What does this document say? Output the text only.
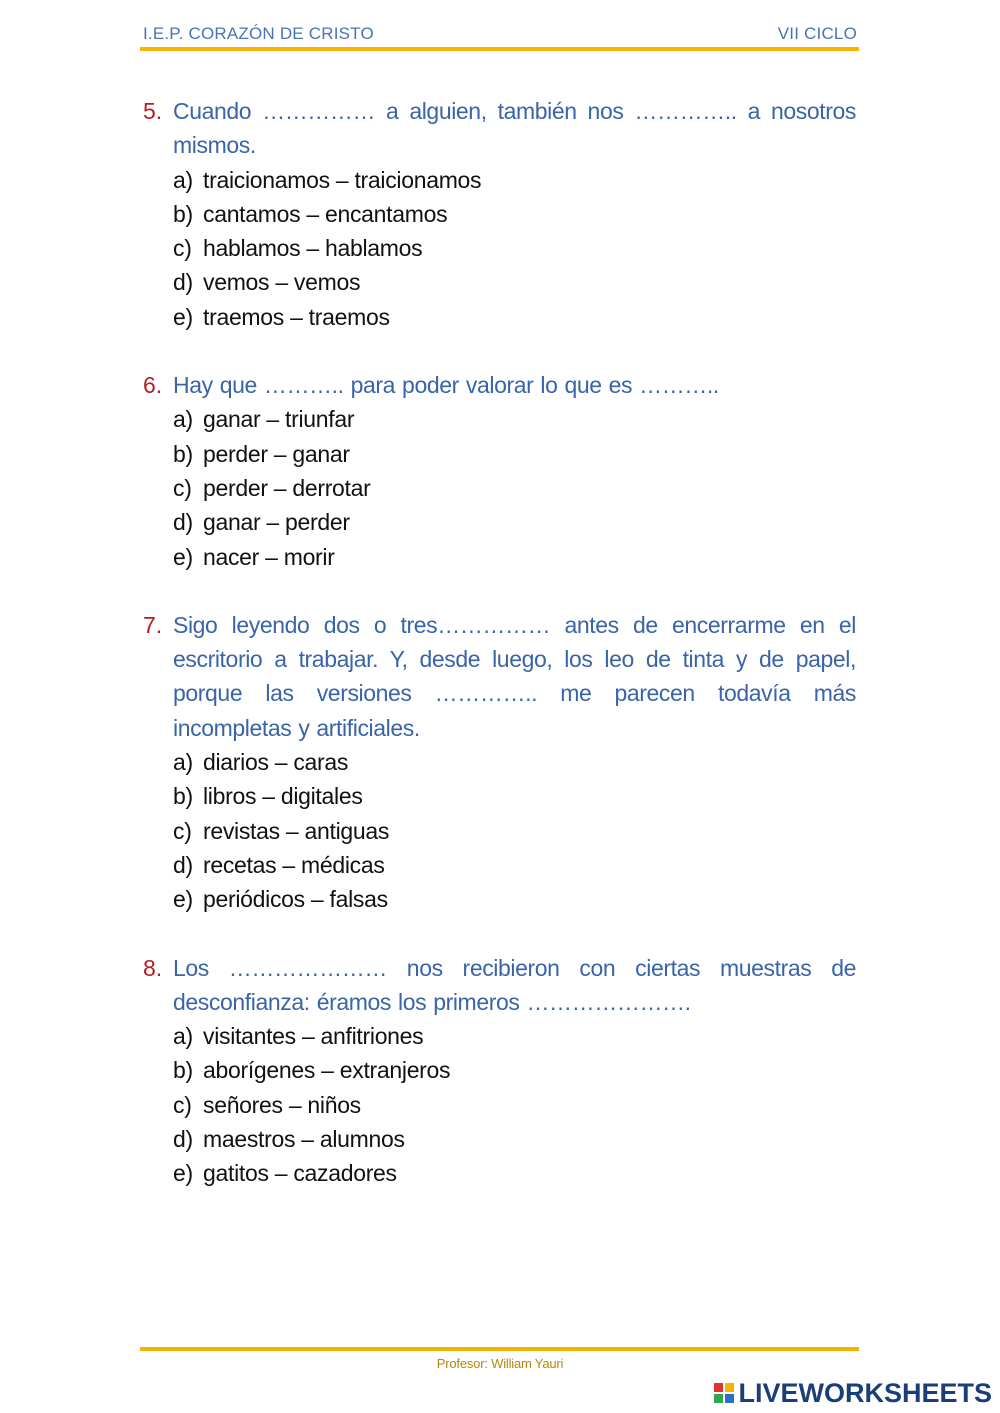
I.E.P. CORAZÓN DE CRISTO	VII CICLO
5. Cuando …………… a alguien, también nos ………….. a nosotros mismos.
a) traicionamos – traicionamos
b) cantamos – encantamos
c) hablamos – hablamos
d) vemos – vemos
e) traemos – traemos
6. Hay que ……….. para poder valorar lo que es ………..
a) ganar – triunfar
b) perder – ganar
c) perder – derrotar
d) ganar – perder
e) nacer – morir
7. Sigo leyendo dos o tres…………… antes de encerrarme en el escritorio a trabajar. Y, desde luego, los leo de tinta y de papel, porque las versiones ………….. me parecen todavía más incompletas y artificiales.
a) diarios – caras
b) libros – digitales
c) revistas – antiguas
d) recetas – médicas
e) periódicos – falsas
8. Los ………………… nos recibieron con ciertas muestras de desconfianza: éramos los primeros ………………….
a) visitantes – anfitriones
b) aborígenes – extranjeros
c) señores – niños
d) maestros – alumnos
e) gatitos – cazadores
Profesor: William Yauri
LIVEWORKSHEETS
